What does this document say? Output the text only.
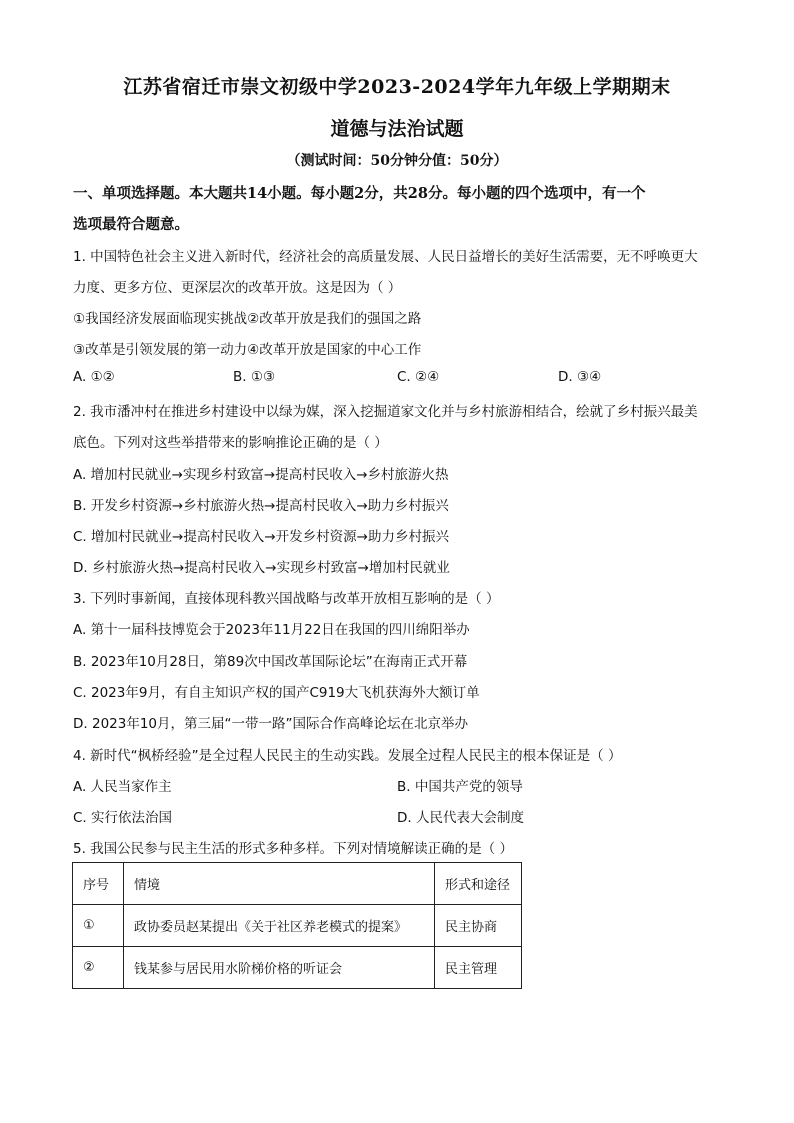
江苏省宿迁市崇文初级中学2023-2024学年九年级上学期期末
道德与法治试题
（测试时间：50分钟分值：50分）
一、单项选择题。本大题共14小题。每小题2分，共28分。每小题的四个选项中，有一个
选项最符合题意。
1. 中国特色社会主义进入新时代，经济社会的高质量发展、人民日益增长的美好生活需要，无不呼唤更大
力度、更多方位、更深层次的改革开放。这是因为（ ）
①我国经济发展面临现实挑战②改革开放是我们的强国之路
③改革是引领发展的第一动力④改革开放是国家的中心工作
A. ①②	B. ①③	C. ②④	D. ③④
2. 我市潘冲村在推进乡村建设中以绿为媒，深入挖掘道家文化并与乡村旅游相结合，绘就了乡村振兴最美
底色。下列对这些举措带来的影响推论正确的是（ ）
A. 增加村民就业→实现乡村致富→提高村民收入→乡村旅游火热
B. 开发乡村资源→乡村旅游火热→提高村民收入→助力乡村振兴
C. 增加村民就业→提高村民收入→开发乡村资源→助力乡村振兴
D. 乡村旅游火热→提高村民收入→实现乡村致富→增加村民就业
3. 下列时事新闻，直接体现科教兴国战略与改革开放相互影响的是（ ）
A. 第十一届科技博览会于2023年11月22日在我国的四川绵阳举办
B. 2023年10月28日，第89次中国改革国际论坛”在海南正式开幕
C. 2023年9月，有自主知识产权的国产C919大飞机获海外大额订单
D. 2023年10月，第三届“一带一路”国际合作高峰论坛在北京举办
4. 新时代“枫桥经验”是全过程人民民主的生动实践。发展全过程人民民主的根本保证是（ ）
A. 人民当家作主	B. 中国共产党的领导
C. 实行依法治国	D. 人民代表大会制度
5. 我国公民参与民主生活的形式多种多样。下列对情境解读正确的是（ ）
序号	情境	形式和途径
①	政协委员赵某提出《关于社区养老模式的提案》	民主协商
②	钱某参与居民用水阶梯价格的听证会	民主管理
